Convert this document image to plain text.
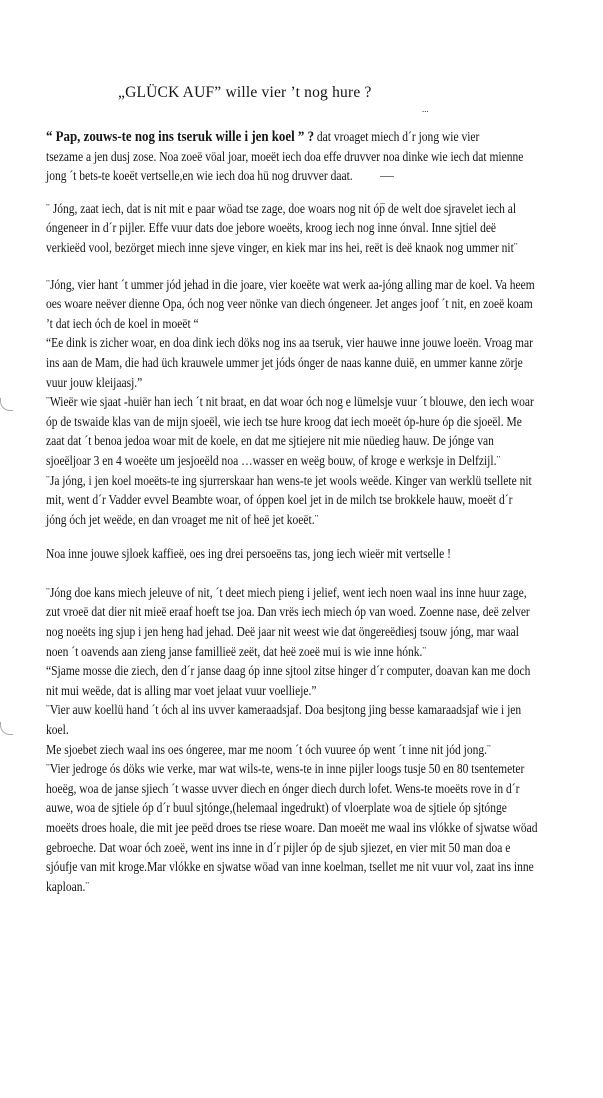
„GLÜCK AUF” wille vier ’t nog hure ?
...
“ Pap, zouws-te nog ins tseruk wille i jen koel ” ? dat vroaget miech d´r jong wie vier
tsezame a jen dusj zose. Noa zoeë vöal joar, moeët iech doa effe druvver noa dinke wie iech dat mienne
jong ´t bets-te koeët vertselle,en wie iech doa hü nog druvver daat.
¨ Jóng, zaat iech, dat is nit mit e paar wöad tse zage, doe woars nog nit óp de welt doe sjravelet iech al
óngeneer in d´r pijler. Effe vuur dats doe jebore woeëts, kroog iech nog inne ónval. Inne sjtiel deë
verkieëd vool, bezörget miech inne sjeve vinger, en kiek mar ins hei, reët is deë knaok nog ummer nit¨
¨Jóng, vier hant ´t ummer jód jehad in die joare, vier koeëte wat werk aa-jóng alling mar de koel. Va heem
oes woare neëver dienne Opa, óch nog veer nönke van diech óngeneer. Jet anges joof ´t nit, en zoeë koam
’t dat iech óch de koel in moeët “
“Ee dink is zicher woar, en doa dink iech döks nog ins aa tseruk, vier hauwe inne jouwe loeën. Vroag mar
ins aan de Mam, die had üch krauwele ummer jet jóds ónger de naas kanne duië, en ummer kanne zörje
vuur jouw kleijaasj.”
¨Wieër wie sjaat -huiër han iech ´t nit braat, en dat woar óch nog e lümelsje vuur ´t blouwe, den iech woar
óp de tswaide klas van de mijn sjoeël, wie iech tse hure kroog dat iech moeët óp-hure óp die sjoeël. Me
zaat dat ´t benoa jedoa woar mit de koele, en dat me sjtiejere nit mie nüedieg hauw. De jónge van
sjoeëljoar 3 en 4 woeëte um jesjoeëld noa …wasser en weëg bouw, of kroge e werksje in Delfzijl.¨
¨Ja jóng, i jen koel moeëts-te ing sjurrerskaar han wens-te jet wools weëde. Kinger van werklü tsellete nit
mit, went d´r Vadder evvel Beambte woar, of óppen koel jet in de milch tse brokkele hauw, moeët d´r
jóng óch jet weëde, en dan vroaget me nit of heë jet koeët.¨
Noa inne jouwe sjloek kaffieë, oes ing drei persoeëns tas, jong iech wieër mit vertselle !
¨Jóng doe kans miech jeleuve of nit, ´t deet miech pieng i jelief, went iech noen waal ins inne huur zage,
zut vroeë dat dier nit mieë eraaf hoeft tse joa. Dan vrës iech miech óp van woed. Zoenne nase, deë zelver
nog noeëts ing sjup i jen heng had jehad. Deë jaar nit weest wie dat öngereëdiesj tsouw jóng, mar waal
noen ´t oavends aan zieng janse famillieë zeët, dat heë zoeë mui is wie inne hónk.¨
“Sjame mosse die ziech, den d´r janse daag óp inne sjtool zitse hinger d´r computer, doavan kan me doch
nit mui weëde, dat is alling mar voet jelaat vuur voellieje.”
¨Vier auw koellü hand ´t óch al ins uvver kameraadsjaf. Doa besjtong jing besse kamaraadsjaf wie i jen
koel.
Me sjoebet ziech waal ins oes óngeree, mar me noom ´t óch vuuree óp went ´t inne nit jód jong.¨
¨Vier jedroge ós döks wie verke, mar wat wils-te, wens-te in inne pijler loogs tusje 50 en 80 tsentemeter
hoeëg, woa de janse sjiech ´t wasse uvver diech en ónger diech durch lofet. Wens-te moeëts rove in d´r
auwe, woa de sjtiele óp d´r buul sjtónge,(helemaal ingedrukt) of vloerplate woa de sjtiele óp sjtónge
moeëts droes hoale, die mit jee peëd droes tse riese woare. Dan moeët me waal ins vlókke of sjwatse wöad
gebroeche. Dat woar óch zoeë, went ins inne in d´r pijler óp de sjub sjiezet, en vier mit 50 man doa e
sjóufje van mit kroge.Mar vlókke en sjwatse wöad van inne koelman, tsellet me nit vuur vol, zaat ins inne
kaploan.¨
